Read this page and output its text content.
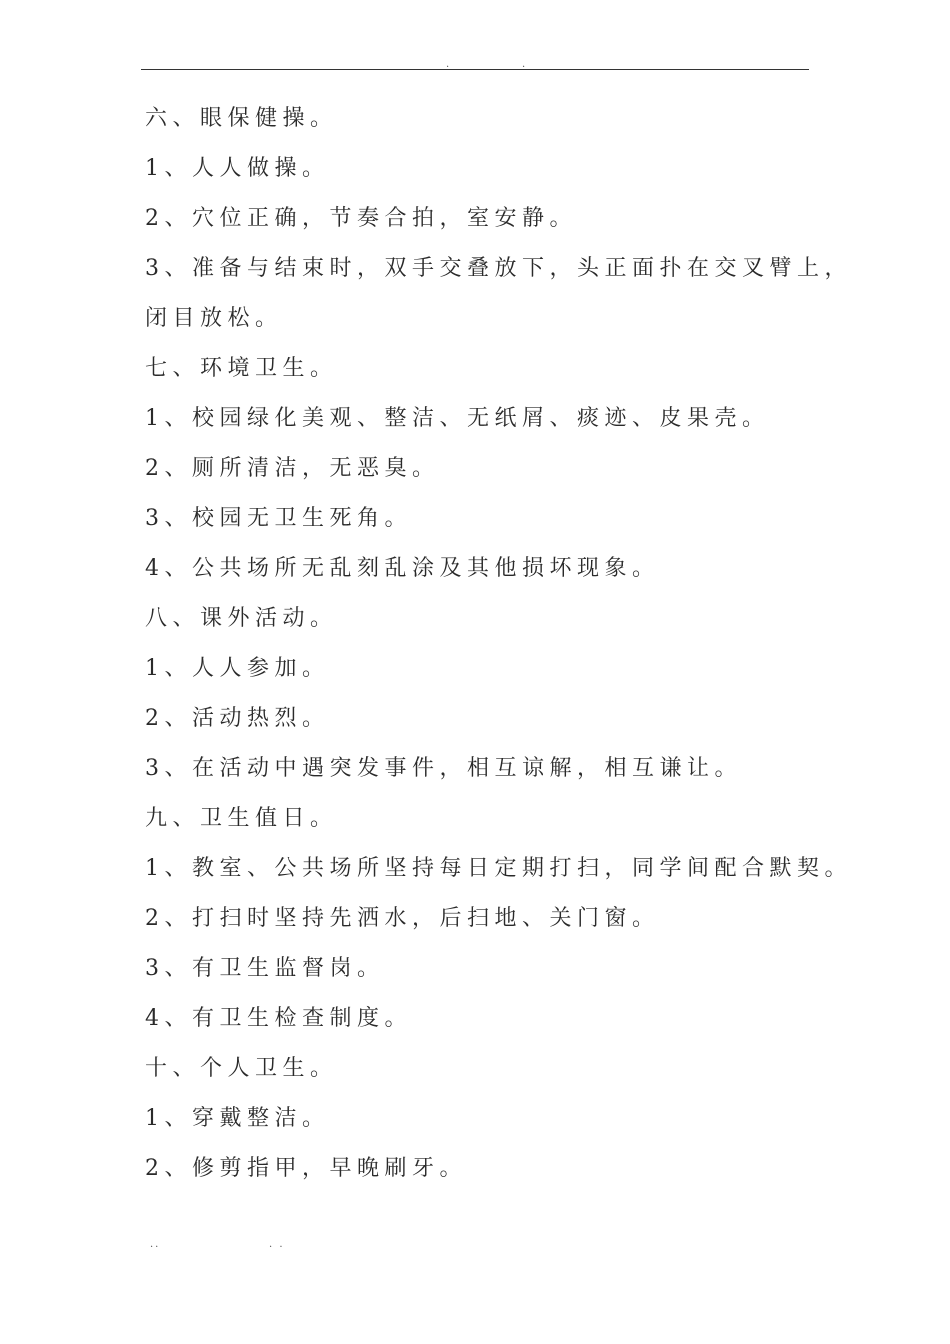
.	.
六、眼保健操。
1、人人做操。
2、穴位正确，节奏合拍，室安静。
3、准备与结束时，双手交叠放下，头正面扑在交叉臂上，
闭目放松。
七、环境卫生。
1、校园绿化美观、整洁、无纸屑、痰迹、皮果壳。
2、厕所清洁，无恶臭。
3、校园无卫生死角。
4、公共场所无乱刻乱涂及其他损坏现象。
八、课外活动。
1、人人参加。
2、活动热烈。
3、在活动中遇突发事件，相互谅解，相互谦让。
九、卫生值日。
1、教室、公共场所坚持每日定期打扫，同学间配合默契。
2、打扫时坚持先洒水，后扫地、关门窗。
3、有卫生监督岗。
4、有卫生检查制度。
十、个人卫生。
1、穿戴整洁。
2、修剪指甲，早晚刷牙。
..	. .
